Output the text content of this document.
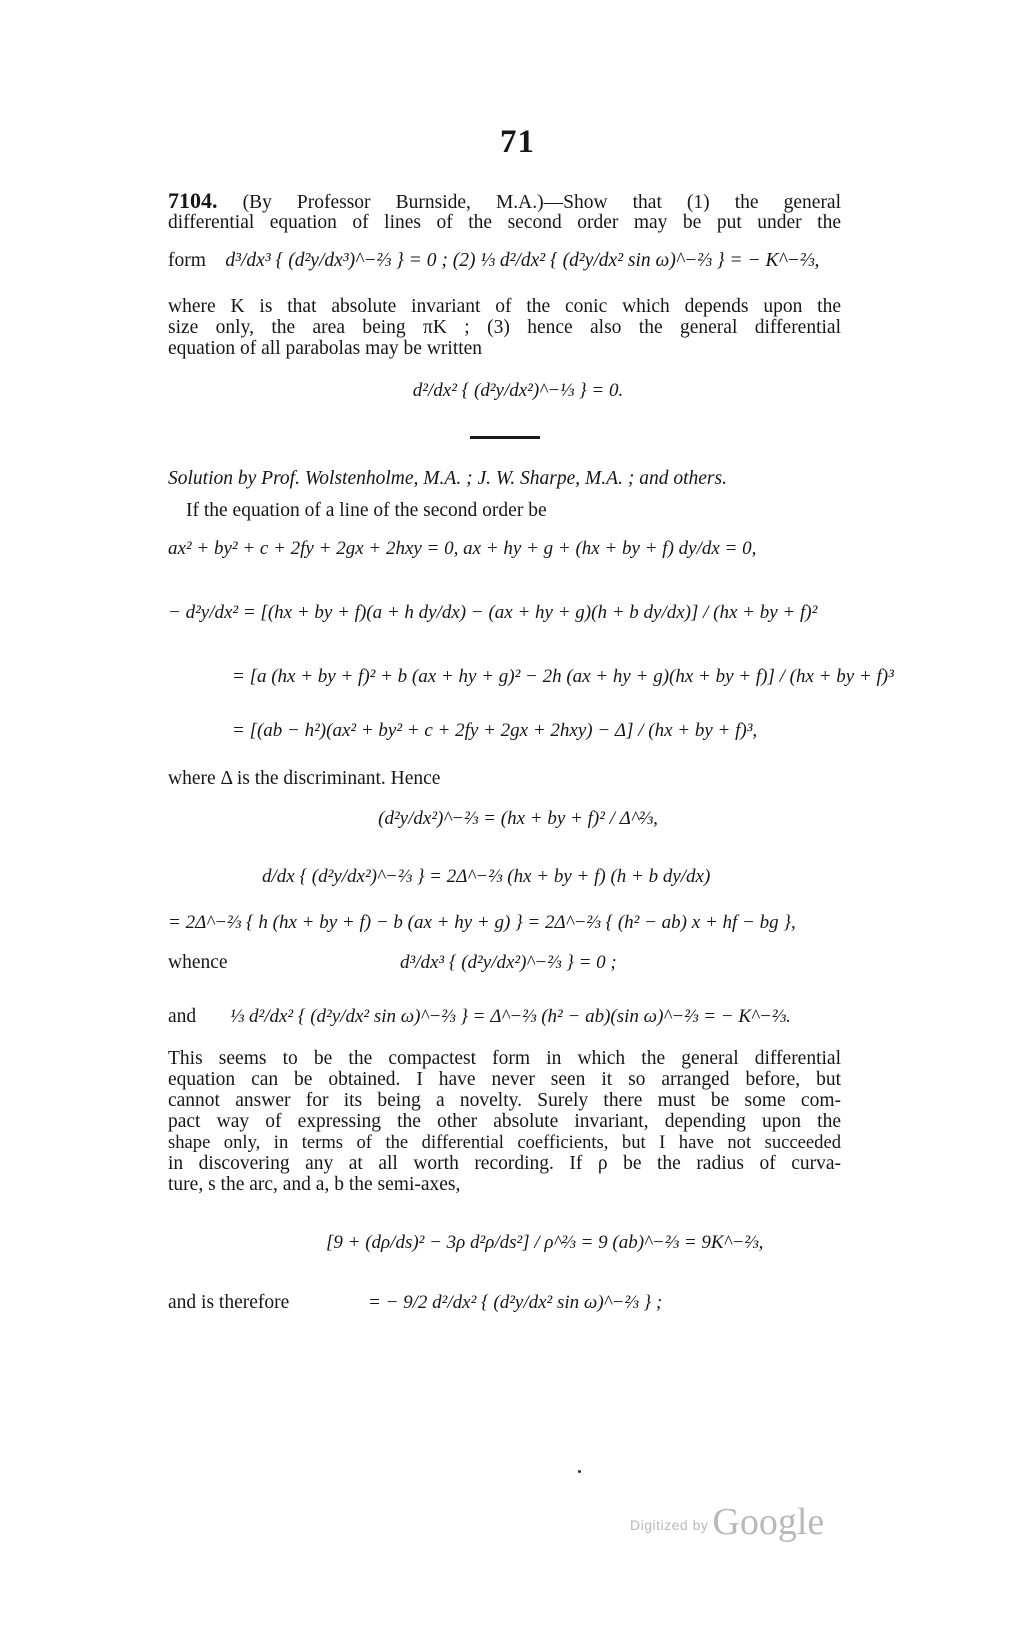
71

7104. (By Professor Burnside, M.A.)—Show that (1) the general

differential equation of lines of the second order may be put under the

form d³/dx³ { (d²y/dx³)^−⅔ } = 0 ; (2) ⅓ d²/dx² { (d²y/dx² sin ω)^−⅔ } = − K^−⅔,

where K is that absolute invariant of the conic which depends upon the

size only, the area being πK ; (3) hence also the general differential

equation of all parabolas may be written

d²/dx² { (d²y/dx²)^−⅓ } = 0.

Solution by Prof. Wolstenholme, M.A. ; J. W. Sharpe, M.A. ; and others.

If the equation of a line of the second order be

ax² + by² + c + 2fy + 2gx + 2hxy = 0, ax + hy + g + (hx + by + f) dy/dx = 0,

− d²y/dx² = [(hx + by + f)(a + h dy/dx) − (ax + hy + g)(h + b dy/dx)] / (hx + by + f)²

= [a (hx + by + f)² + b (ax + hy + g)² − 2h (ax + hy + g)(hx + by + f)] / (hx + by + f)³

= [(ab − h²)(ax² + by² + c + 2fy + 2gx + 2hxy) − Δ] / (hx + by + f)³,

where Δ is the discriminant. Hence

(d²y/dx²)^−⅔ = (hx + by + f)² / Δ^⅔,

d/dx { (d²y/dx²)^−⅔ } = 2Δ^−⅔ (hx + by + f) (h + b dy/dx)

= 2Δ^−⅔ { h (hx + by + f) − b (ax + hy + g) } = 2Δ^−⅔ { (h² − ab) x + hf − bg },

whence	d³/dx³ { (d²y/dx²)^−⅔ } = 0 ;

and	⅓ d²/dx² { (d²y/dx² sin ω)^−⅔ } = Δ^−⅔ (h² − ab)(sin ω)^−⅔ = − K^−⅔.

This seems to be the compactest form in which the general differential

equation can be obtained. I have never seen it so arranged before, but

cannot answer for its being a novelty. Surely there must be some com-

pact way of expressing the other absolute invariant, depending upon the

shape only, in terms of the differential coefficients, but I have not succeeded

in discovering any at all worth recording. If ρ be the radius of curva-

ture, s the arc, and a, b the semi-axes,

[9 + (dρ/ds)² − 3ρ d²ρ/ds²] / ρ^⅔ = 9 (ab)^−⅔ = 9K^−⅔,

and is therefore	= − 9/2 d²/dx² { (d²y/dx² sin ω)^−⅔ } ;

Digitized by Google
